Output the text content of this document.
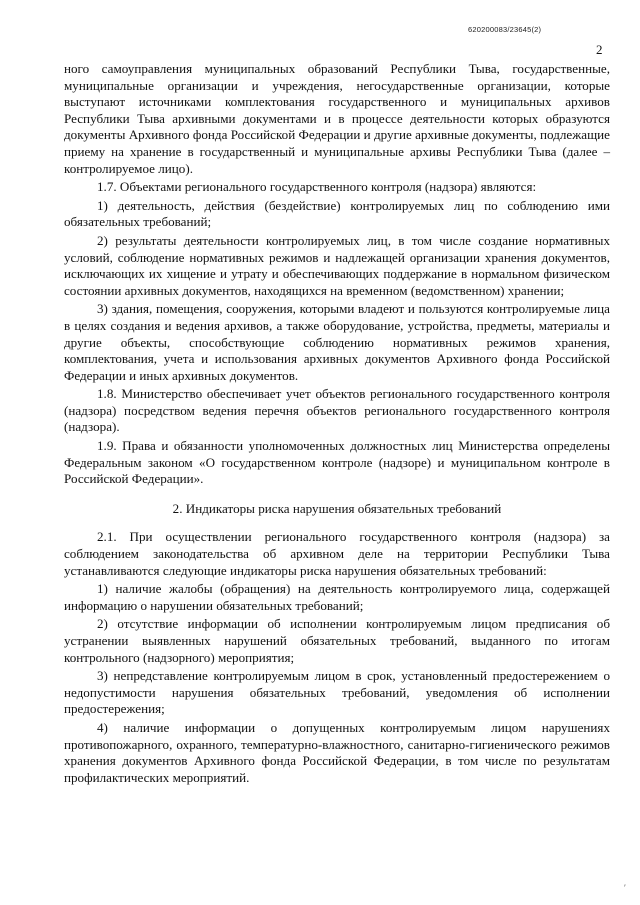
620200083/23645(2)
2

ного самоуправления муниципальных образований Республики Тыва, государственные, муниципальные организации и учреждения, негосударственные организации, которые выступают источниками комплектования государственного и муниципальных архивов Республики Тыва архивными документами и в процессе деятельности которых образуются документы Архивного фонда Российской Федерации и другие архивные документы, подлежащие приему на хранение в государственный и муниципальные архивы Республики Тыва (далее – контролируемое лицо).

1.7. Объектами регионального государственного контроля (надзора) являются:

1) деятельность, действия (бездействие) контролируемых лиц по соблюдению ими обязательных требований;

2) результаты деятельности контролируемых лиц, в том числе создание нормативных условий, соблюдение нормативных режимов и надлежащей организации хранения документов, исключающих их хищение и утрату и обеспечивающих поддержание в нормальном физическом состоянии архивных документов, находящихся на временном (ведомственном) хранении;

3) здания, помещения, сооружения, которыми владеют и пользуются контролируемые лица в целях создания и ведения архивов, а также оборудование, устройства, предметы, материалы и другие объекты, способствующие соблюдению нормативных режимов хранения, комплектования, учета и использования архивных документов Архивного фонда Российской Федерации и иных архивных документов.

1.8. Министерство обеспечивает учет объектов регионального государственного контроля (надзора) посредством ведения перечня объектов регионального государственного контроля (надзора).

1.9. Права и обязанности уполномоченных должностных лиц Министерства определены Федеральным законом «О государственном контроле (надзоре) и муниципальном контроле в Российской Федерации».

2. Индикаторы риска нарушения обязательных требований

2.1. При осуществлении регионального государственного контроля (надзора) за соблюдением законодательства об архивном деле на территории Республики Тыва устанавливаются следующие индикаторы риска нарушения обязательных требований:

1) наличие жалобы (обращения) на деятельность контролируемого лица, содержащей информацию о нарушении обязательных требований;

2) отсутствие информации об исполнении контролируемым лицом предписания об устранении выявленных нарушений обязательных требований, выданного по итогам контрольного (надзорного) мероприятия;

3) непредставление контролируемым лицом в срок, установленный предостережением о недопустимости нарушения обязательных требований, уведомления об исполнении предостережения;

4) наличие информации о допущенных контролируемым лицом нарушениях противопожарного, охранного, температурно-влажностного, санитарно-гигиенического режимов хранения документов Архивного фонда Российской Федерации, в том числе по результатам профилактических мероприятий.

′
